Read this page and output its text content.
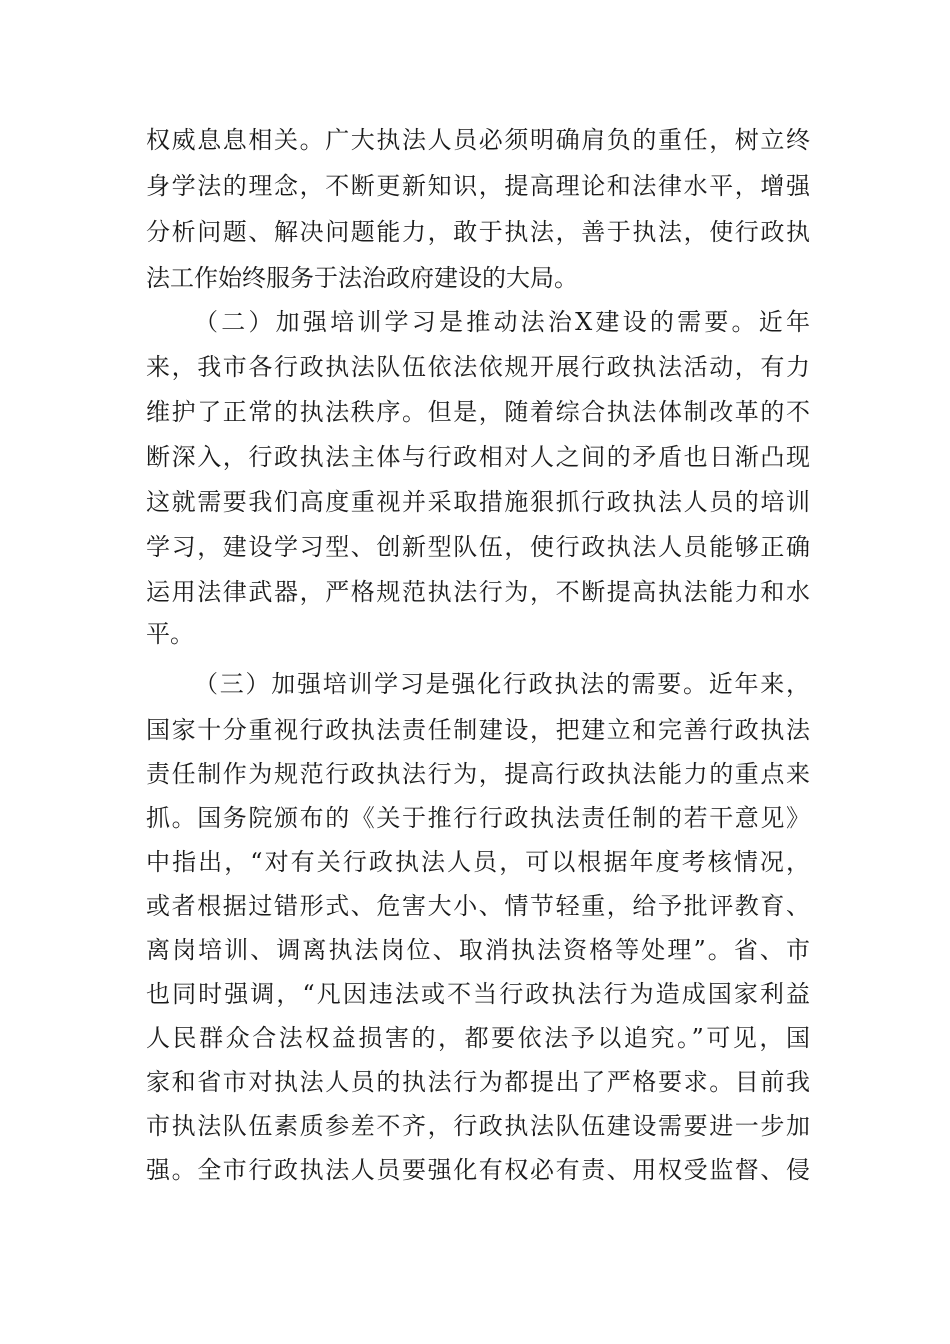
权威息息相关。广大执法人员必须明确肩负的重任，树立终

身学法的理念，不断更新知识，提高理论和法律水平，增强

分析问题、解决问题能力，敢于执法，善于执法，使行政执

法工作始终服务于法治政府建设的大局。

（二）加强培训学习是推动法治X建设的需要。近年

来，我市各行政执法队伍依法依规开展行政执法活动，有力

维护了正常的执法秩序。但是，随着综合执法体制改革的不

断深入，行政执法主体与行政相对人之间的矛盾也日渐凸现

这就需要我们高度重视并采取措施狠抓行政执法人员的培训

学习，建设学习型、创新型队伍，使行政执法人员能够正确

运用法律武器，严格规范执法行为，不断提高执法能力和水

平。

（三）加强培训学习是强化行政执法的需要。近年来，

国家十分重视行政执法责任制建设，把建立和完善行政执法

责任制作为规范行政执法行为，提高行政执法能力的重点来

抓。国务院颁布的《关于推行行政执法责任制的若干意见》

中指出，“对有关行政执法人员，可以根据年度考核情况，

或者根据过错形式、危害大小、情节轻重，给予批评教育、

离岗培训、调离执法岗位、取消执法资格等处理”。省、市

也同时强调，“凡因违法或不当行政执法行为造成国家利益

人民群众合法权益损害的，都要依法予以追究。”可见，国

家和省市对执法人员的执法行为都提出了严格要求。目前我

市执法队伍素质参差不齐，行政执法队伍建设需要进一步加

强。全市行政执法人员要强化有权必有责、用权受监督、侵
